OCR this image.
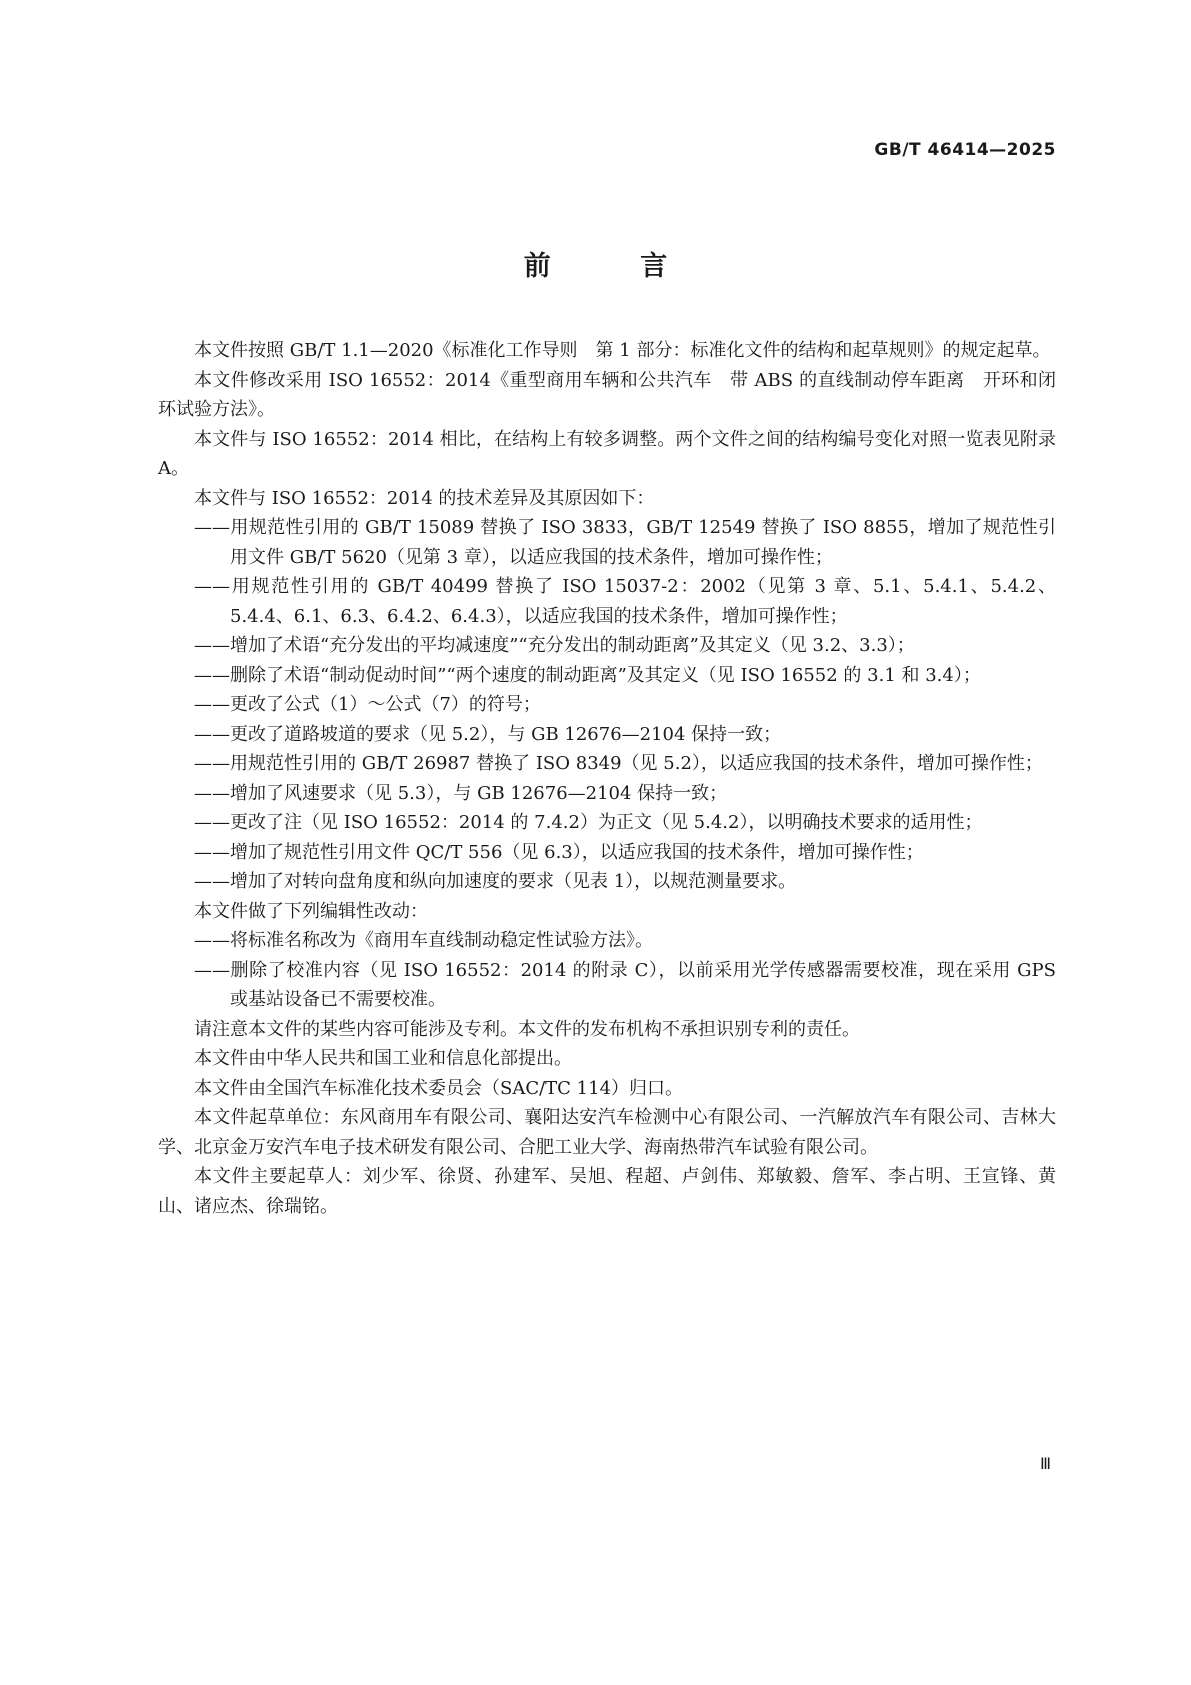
GB/T 46414—2025
前 言

本文件按照 GB/T 1.1—2020《标准化工作导则　第 1 部分：标准化文件的结构和起草规则》的规定起草。

本文件修改采用 ISO 16552：2014《重型商用车辆和公共汽车　带 ABS 的直线制动停车距离　开环和闭环试验方法》。

本文件与 ISO 16552：2014 相比，在结构上有较多调整。两个文件之间的结构编号变化对照一览表见附录 A。

本文件与 ISO 16552：2014 的技术差异及其原因如下：

——用规范性引用的 GB/T 15089 替换了 ISO 3833，GB/T 12549 替换了 ISO 8855，增加了规范性引用文件 GB/T 5620（见第 3 章），以适应我国的技术条件，增加可操作性；

——用规范性引用的 GB/T 40499 替换了 ISO 15037-2：2002（见第 3 章、5.1、5.4.1、5.4.2、5.4.4、6.1、6.3、6.4.2、6.4.3），以适应我国的技术条件，增加可操作性；

——增加了术语“充分发出的平均减速度”“充分发出的制动距离”及其定义（见 3.2、3.3）；

——删除了术语“制动促动时间”“两个速度的制动距离”及其定义（见 ISO 16552 的 3.1 和 3.4）；

——更改了公式（1）～公式（7）的符号；

——更改了道路坡道的要求（见 5.2），与 GB 12676—2104 保持一致；

——用规范性引用的 GB/T 26987 替换了 ISO 8349（见 5.2），以适应我国的技术条件，增加可操作性；

——增加了风速要求（见 5.3），与 GB 12676—2104 保持一致；

——更改了注（见 ISO 16552：2014 的 7.4.2）为正文（见 5.4.2），以明确技术要求的适用性；

——增加了规范性引用文件 QC/T 556（见 6.3），以适应我国的技术条件，增加可操作性；

——增加了对转向盘角度和纵向加速度的要求（见表 1），以规范测量要求。

本文件做了下列编辑性改动：

——将标准名称改为《商用车直线制动稳定性试验方法》。

——删除了校准内容（见 ISO 16552：2014 的附录 C），以前采用光学传感器需要校准，现在采用 GPS 或基站设备已不需要校准。

请注意本文件的某些内容可能涉及专利。本文件的发布机构不承担识别专利的责任。

本文件由中华人民共和国工业和信息化部提出。

本文件由全国汽车标准化技术委员会（SAC/TC 114）归口。

本文件起草单位：东风商用车有限公司、襄阳达安汽车检测中心有限公司、一汽解放汽车有限公司、吉林大学、北京金万安汽车电子技术研发有限公司、合肥工业大学、海南热带汽车试验有限公司。

本文件主要起草人：刘少军、徐贤、孙建军、吴旭、程超、卢剑伟、郑敏毅、詹军、李占明、王宣锋、黄山、诸应杰、徐瑞铭。

Ⅲ
